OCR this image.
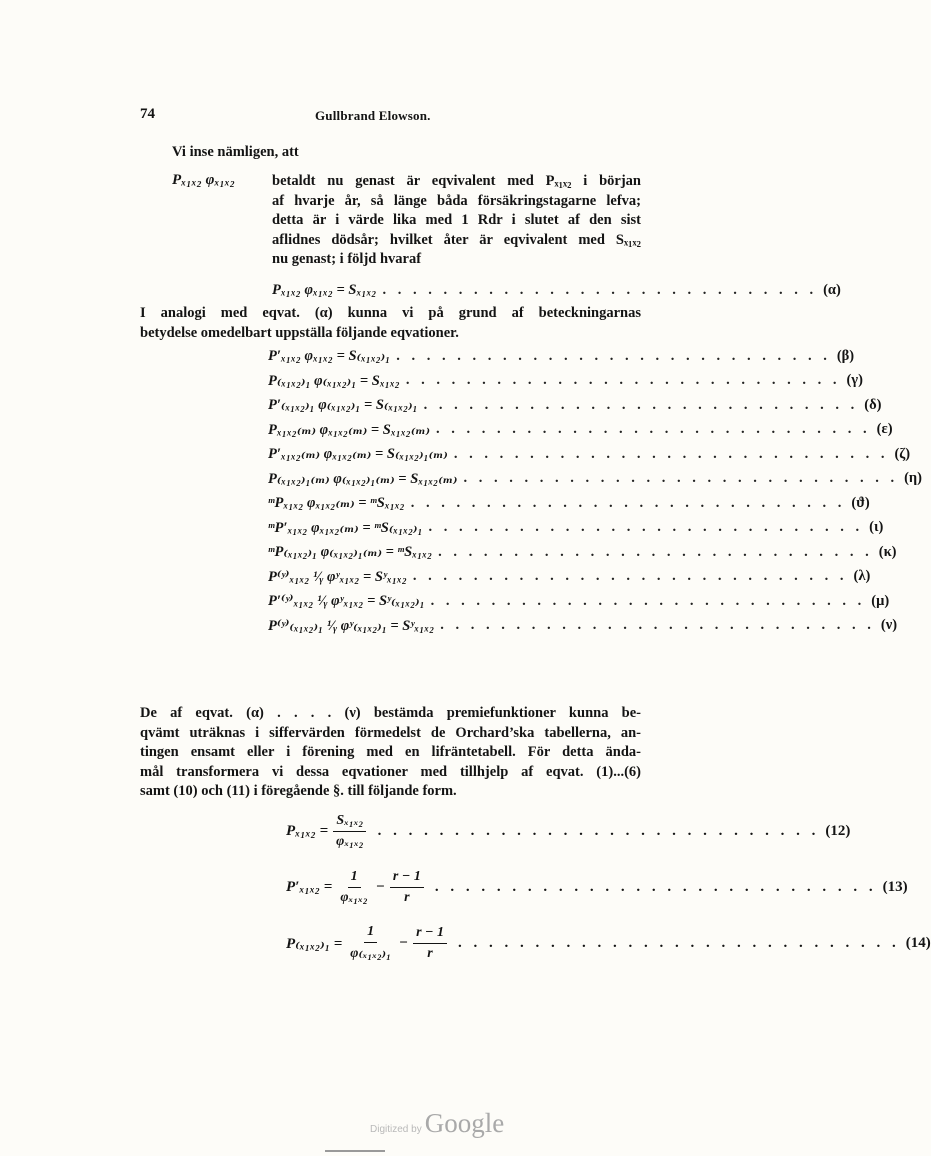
74	Gullbrand Elowson.
Vi inse nämligen, att
Pₓ₁ₓ₂ φₓ₁ₓ₂	betaldt nu genast är eqvivalent med Pₓ₁ₓ₂ i början
af hvarje år, så länge båda försäkringstagarne lefva;
detta är i värde lika med 1 Rdr i slutet af den sist
aflidnes dödsår; hvilket åter är eqvivalent med Sₓ₁ₓ₂
nu genast; i följd hvaraf
Pₓ₁ₓ₂ φₓ₁ₓ₂ = Sₓ₁ₓ₂ . . . . . . . . . . . . . . . . . . . . . . . . . . . . . (α)
I analogi med eqvat. (α) kunna vi på grund af beteckningarnas
betydelse omedelbart uppställa följande eqvationer.
P′ₓ₁ₓ₂ φₓ₁ₓ₂ = S₍ₓ₁ₓ₂₎₁ . . . . . . . . . . . . . . . . . . . . . . . . . . . . . (β)
P₍ₓ₁ₓ₂₎₁ φ₍ₓ₁ₓ₂₎₁ = Sₓ₁ₓ₂ . . . . . . . . . . . . . . . . . . . . . . . . . . . . . (γ)
P′₍ₓ₁ₓ₂₎₁ φ₍ₓ₁ₓ₂₎₁ = S₍ₓ₁ₓ₂₎₁ . . . . . . . . . . . . . . . . . . . . . . . . . . . . . (δ)
Pₓ₁ₓ₂₍ₘ₎ φₓ₁ₓ₂₍ₘ₎ = Sₓ₁ₓ₂₍ₘ₎ . . . . . . . . . . . . . . . . . . . . . . . . . . . . . (ε)
P′ₓ₁ₓ₂₍ₘ₎ φₓ₁ₓ₂₍ₘ₎ = S₍ₓ₁ₓ₂₎₁₍ₘ₎ . . . . . . . . . . . . . . . . . . . . . . . . . . . . . (ζ)
P₍ₓ₁ₓ₂₎₁₍ₘ₎ φ₍ₓ₁ₓ₂₎₁₍ₘ₎ = Sₓ₁ₓ₂₍ₘ₎ . . . . . . . . . . . . . . . . . . . . . . . . . . . . . (η)
ᵐPₓ₁ₓ₂ φₓ₁ₓ₂₍ₘ₎ = ᵐSₓ₁ₓ₂ . . . . . . . . . . . . . . . . . . . . . . . . . . . . . (ϑ)
ᵐP′ₓ₁ₓ₂ φₓ₁ₓ₂₍ₘ₎ = ᵐS₍ₓ₁ₓ₂₎₁ . . . . . . . . . . . . . . . . . . . . . . . . . . . . . (ι)
ᵐP₍ₓ₁ₓ₂₎₁ φ₍ₓ₁ₓ₂₎₁₍ₘ₎ = ᵐSₓ₁ₓ₂ . . . . . . . . . . . . . . . . . . . . . . . . . . . . . (κ)
P⁽ʸ⁾ₓ₁ₓ₂ ¹⁄ᵧ φʸₓ₁ₓ₂ = Sʸₓ₁ₓ₂ . . . . . . . . . . . . . . . . . . . . . . . . . . . . . (λ)
P′⁽ʸ⁾ₓ₁ₓ₂ ¹⁄ᵧ φʸₓ₁ₓ₂ = Sʸ₍ₓ₁ₓ₂₎₁ . . . . . . . . . . . . . . . . . . . . . . . . . . . . . (μ)
P⁽ʸ⁾₍ₓ₁ₓ₂₎₁ ¹⁄ᵧ φʸ₍ₓ₁ₓ₂₎₁ = Sʸₓ₁ₓ₂ . . . . . . . . . . . . . . . . . . . . . . . . . . . . . (ν)
De af eqvat. (α) . . . . (ν) bestämda premiefunktioner kunna be-
qvämt uträknas i siffervärden förmedelst de Orchard’ska tabellerna, an-
tingen ensamt eller i förening med en lifräntetabell. För detta ända-
mål transformera vi dessa eqvationer med tillhjelp af eqvat. (1)...(6)
samt (10) och (11) i föregående §. till följande form.
$P_{x1x2} = \frac{\text{Sₓ₁ₓ₂}}{\text{φₓ₁ₓ₂}}$ . . . . . . . . . . . . . . . . . . . . . . . . . . . . . (12)
$P'_{x1x2} = \frac{1}{\text{φₓ₁ₓ₂}} - \frac{r - 1}{r}$ . . . . . . . . . . . . . . . . . . . . . . . . . . . . . (13)
$P_{(x1x2)1} = \frac{1}{\text{φ₍ₓ₁ₓ₂₎₁}} - \frac{r - 1}{r}$ . . . . . . . . . . . . . . . . . . . . . . . . . . . . . (14)
Digitized by Google
